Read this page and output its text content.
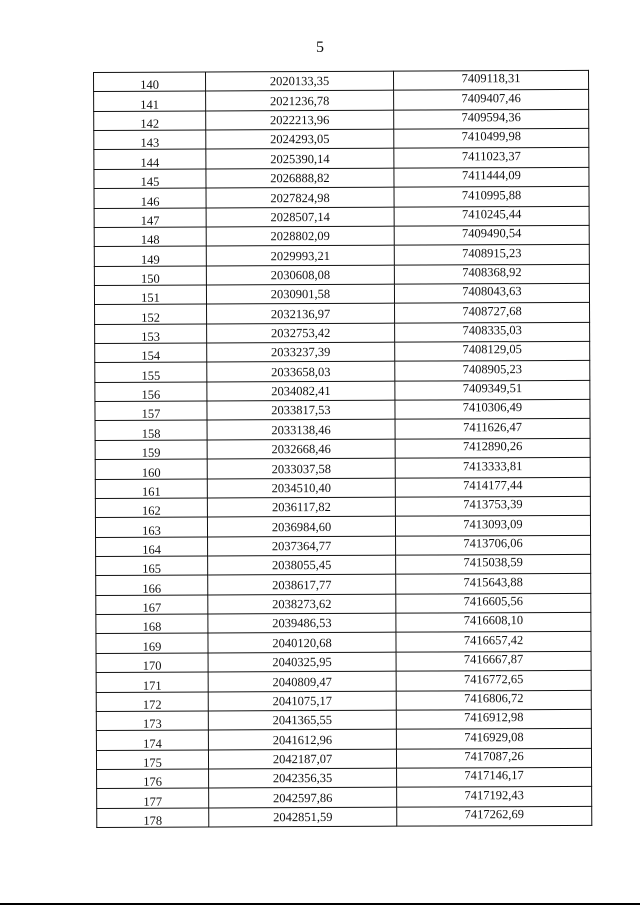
5
140	2020133,35	7409118,31
141	2021236,78	7409407,46
142	2022213,96	7409594,36
143	2024293,05	7410499,98
144	2025390,14	7411023,37
145	2026888,82	7411444,09
146	2027824,98	7410995,88
147	2028507,14	7410245,44
148	2028802,09	7409490,54
149	2029993,21	7408915,23
150	2030608,08	7408368,92
151	2030901,58	7408043,63
152	2032136,97	7408727,68
153	2032753,42	7408335,03
154	2033237,39	7408129,05
155	2033658,03	7408905,23
156	2034082,41	7409349,51
157	2033817,53	7410306,49
158	2033138,46	7411626,47
159	2032668,46	7412890,26
160	2033037,58	7413333,81
161	2034510,40	7414177,44
162	2036117,82	7413753,39
163	2036984,60	7413093,09
164	2037364,77	7413706,06
165	2038055,45	7415038,59
166	2038617,77	7415643,88
167	2038273,62	7416605,56
168	2039486,53	7416608,10
169	2040120,68	7416657,42
170	2040325,95	7416667,87
171	2040809,47	7416772,65
172	2041075,17	7416806,72
173	2041365,55	7416912,98
174	2041612,96	7416929,08
175	2042187,07	7417087,26
176	2042356,35	7417146,17
177	2042597,86	7417192,43
178	2042851,59	7417262,69
